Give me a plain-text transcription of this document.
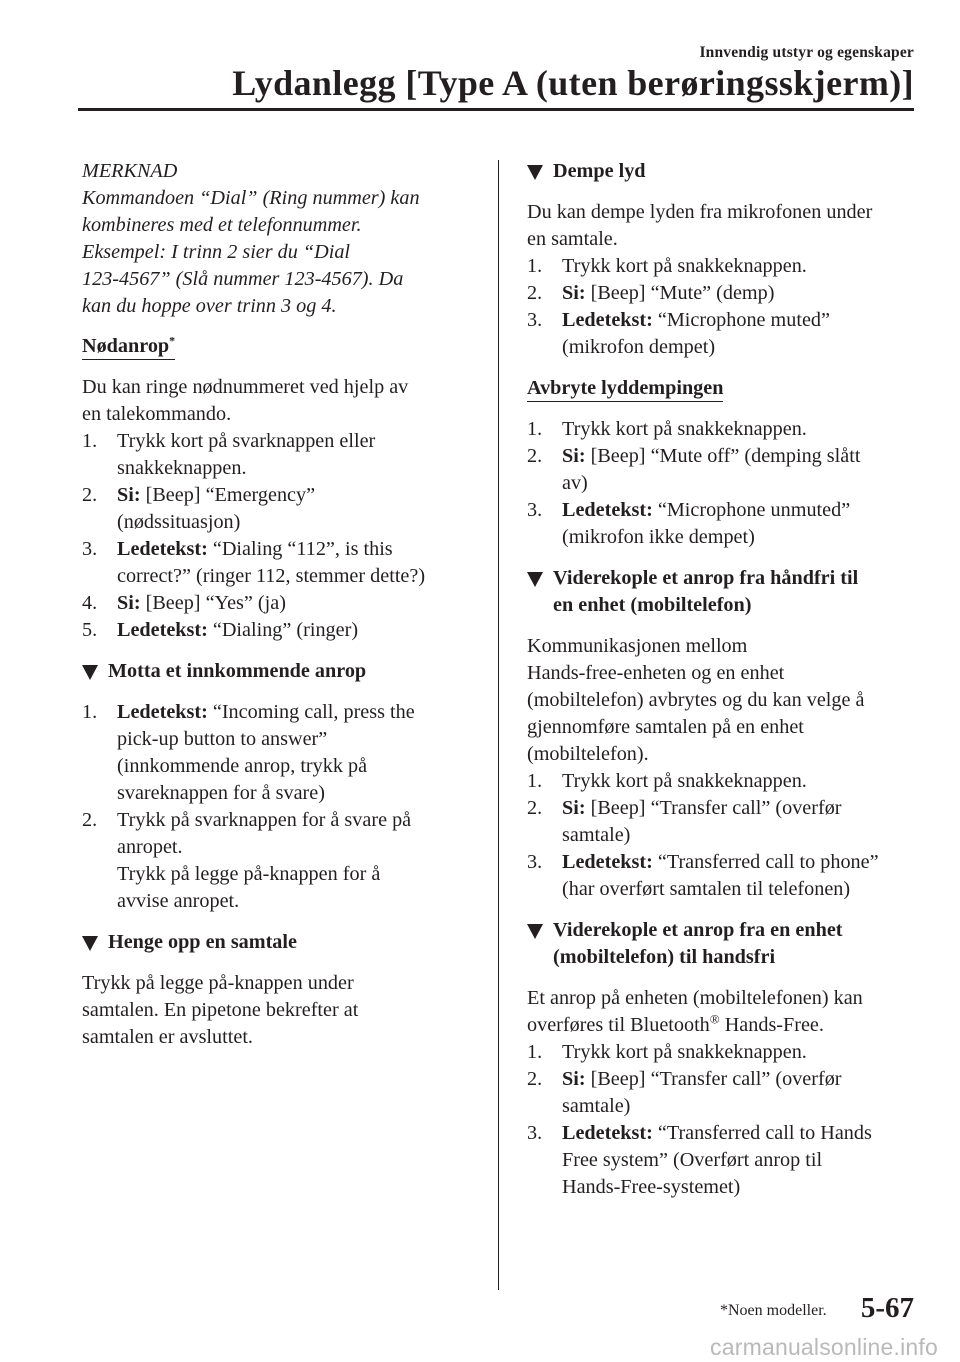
Innvendig utstyr og egenskaper
Lydanlegg [Type A (uten berøringsskjerm)]

MERKNAD

Kommandoen “Dial” (Ring nummer) kan

kombineres med et telefonnummer.

Eksempel: I trinn 2 sier du “Dial

123-4567” (Slå nummer 123-4567). Da

kan du hoppe over trinn 3 og 4.

Nødanrop*

Du kan ringe nødnummeret ved hjelp av

en talekommando.

1. Trykk kort på svarknappen eller
snakkeknappen.
2. Si: [Beep] “Emergency”
(nødssituasjon)
3. Ledetekst: “Dialing “112”, is this
correct?” (ringer 112, stemmer dette?)
4. Si: [Beep] “Yes” (ja)
5. Ledetekst: “Dialing” (ringer)

Motta et innkommende anrop

1. Ledetekst: “Incoming call, press the
pick-up button to answer”
(innkommende anrop, trykk på
svareknappen for å svare)
2. Trykk på svarknappen for å svare på
anropet.
Trykk på legge på-knappen for å
avvise anropet.

Henge opp en samtale

Trykk på legge på-knappen under

samtalen. En pipetone bekrefter at

samtalen er avsluttet.

Dempe lyd

Du kan dempe lyden fra mikrofonen under

en samtale.

1. Trykk kort på snakkeknappen.
2. Si: [Beep] “Mute” (demp)
3. Ledetekst: “Microphone muted”
(mikrofon dempet)
Avbryte lyddempingen
1. Trykk kort på snakkeknappen.
2. Si: [Beep] “Mute off” (demping slått
av)
3. Ledetekst: “Microphone unmuted”
(mikrofon ikke dempet)

Viderekople et anrop fra håndfri til
en enhet (mobiltelefon)

Kommunikasjonen mellom

Hands-free-enheten og en enhet

(mobiltelefon) avbrytes og du kan velge å

gjennomføre samtalen på en enhet

(mobiltelefon).

1. Trykk kort på snakkeknappen.
2. Si: [Beep] “Transfer call” (overfør
samtale)
3. Ledetekst: “Transferred call to phone”
(har overført samtalen til telefonen)

Viderekople et anrop fra en enhet
(mobiltelefon) til handsfri

Et anrop på enheten (mobiltelefonen) kan

overføres til Bluetooth® Hands-Free.

1. Trykk kort på snakkeknappen.
2. Si: [Beep] “Transfer call” (overfør
samtale)
3. Ledetekst: “Transferred call to Hands
Free system” (Overført anrop til
Hands-Free-systemet)
*Noen modeller. 5-67
carmanualsonline.info
